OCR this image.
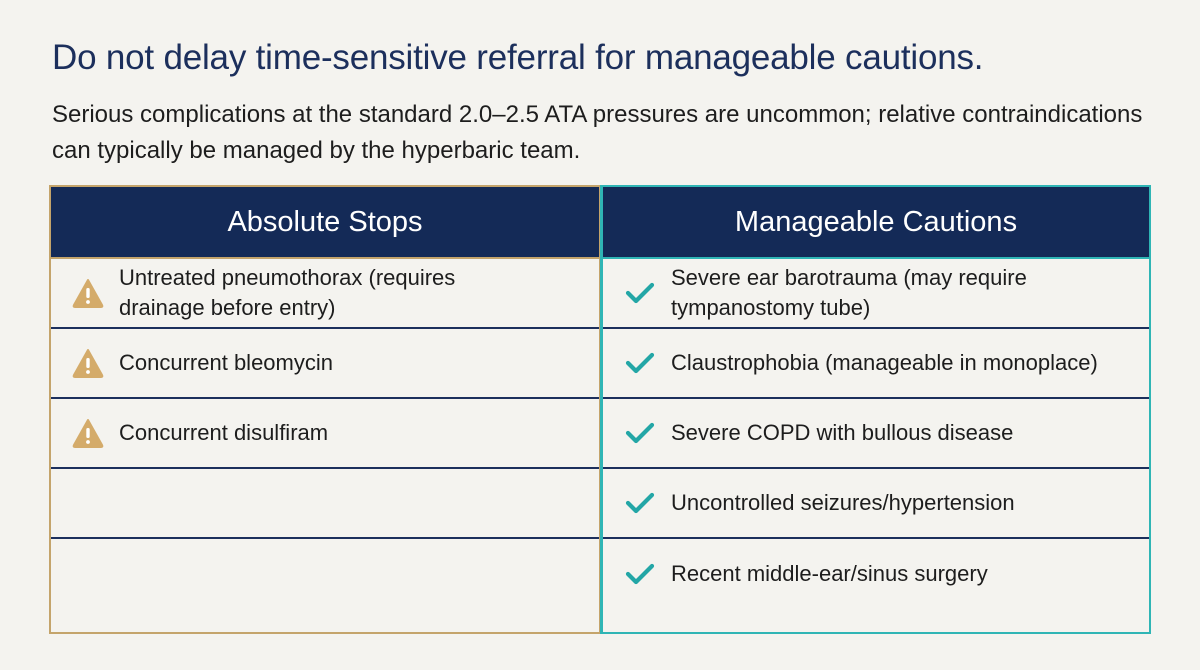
Do not delay time-sensitive referral for manageable cautions.

Serious complications at the standard 2.0–2.5 ATA pressures are uncommon; relative contraindications can typically be managed by the hyperbaric team.

Absolute Stops
Untreated pneumothorax (requires drainage before entry)
Concurrent bleomycin
Concurrent disulfiram
Manageable Cautions
Severe ear barotrauma (may require tympanostomy tube)
Claustrophobia (manageable in monoplace)
Severe COPD with bullous disease
Uncontrolled seizures/hypertension
Recent middle-ear/sinus surgery
